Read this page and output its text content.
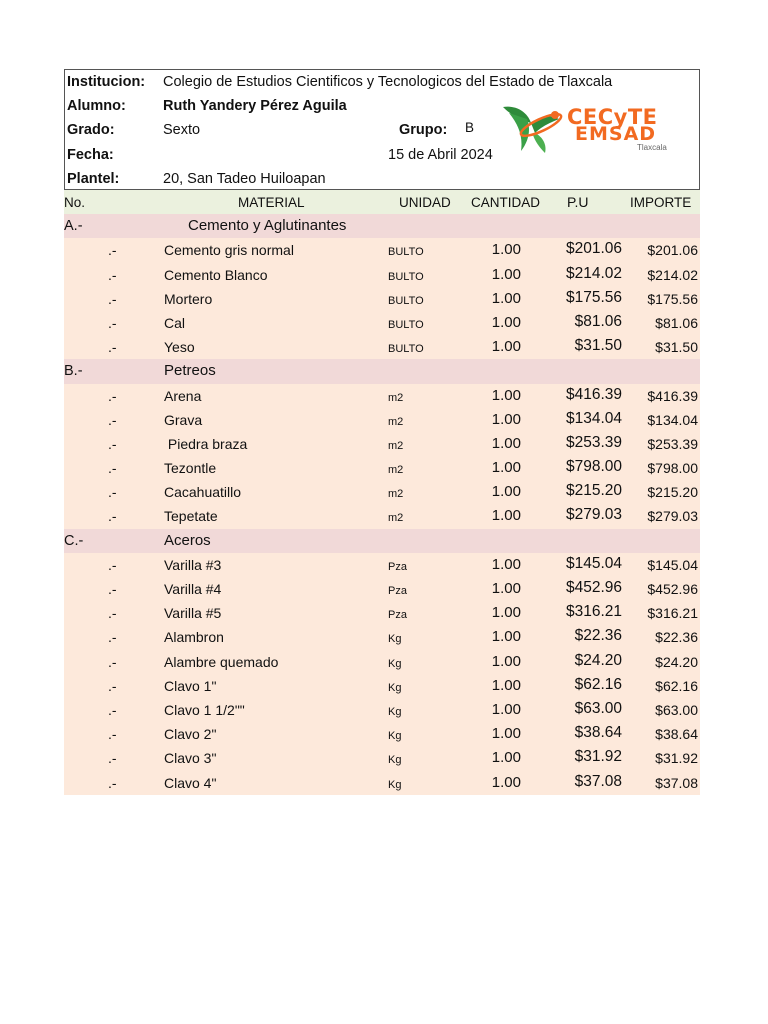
Institucion: Colegio de Estudios Cientificos y Tecnologicos del Estado de Tlaxcala
Alumno:	Ruth Yandery Pérez Aguila
Grado:	Sexto	Grupo: B
Fecha:	15 de Abril 2024
Plantel:	20, San Tadeo Huiloapan
CECyTE
EMSAD
Tlaxcala
No.	MATERIAL	UNIDAD CANTIDAD P.U	IMPORTE
A.-	Cemento y Aglutinantes
.-	Cemento gris normal	BULTO	1.00	$201.06 $201.06
.-	Cemento Blanco	BULTO	1.00	$214.02 $214.02
.-	Mortero	BULTO	1.00	$175.56 $175.56
.-	Cal	BULTO	1.00	$81.06 $81.06
.-	Yeso	BULTO	1.00	$31.50 $31.50
B.-	Petreos
.-	Arena	m2	1.00	$416.39 $416.39
.-	Grava	m2	1.00	$134.04 $134.04
.-	Piedra braza	m2	1.00	$253.39 $253.39
.-	Tezontle	m2	1.00	$798.00 $798.00
.-	Cacahuatillo	m2	1.00	$215.20 $215.20
.-	Tepetate	m2	1.00	$279.03 $279.03
C.-	Aceros
.-	Varilla #3	Pza	1.00	$145.04 $145.04
.-	Varilla #4	Pza	1.00	$452.96 $452.96
.-	Varilla #5	Pza	1.00	$316.21 $316.21
.-	Alambron	Kg	1.00	$22.36 $22.36
.-	Alambre quemado	Kg	1.00	$24.20 $24.20
.-	Clavo 1"	Kg	1.00	$62.16 $62.16
.-	Clavo 1 1/2""	Kg	1.00	$63.00 $63.00
.-	Clavo 2"	Kg	1.00	$38.64 $38.64
.-	Clavo 3"	Kg	1.00	$31.92 $31.92
.-	Clavo 4"	Kg	1.00	$37.08 $37.08
